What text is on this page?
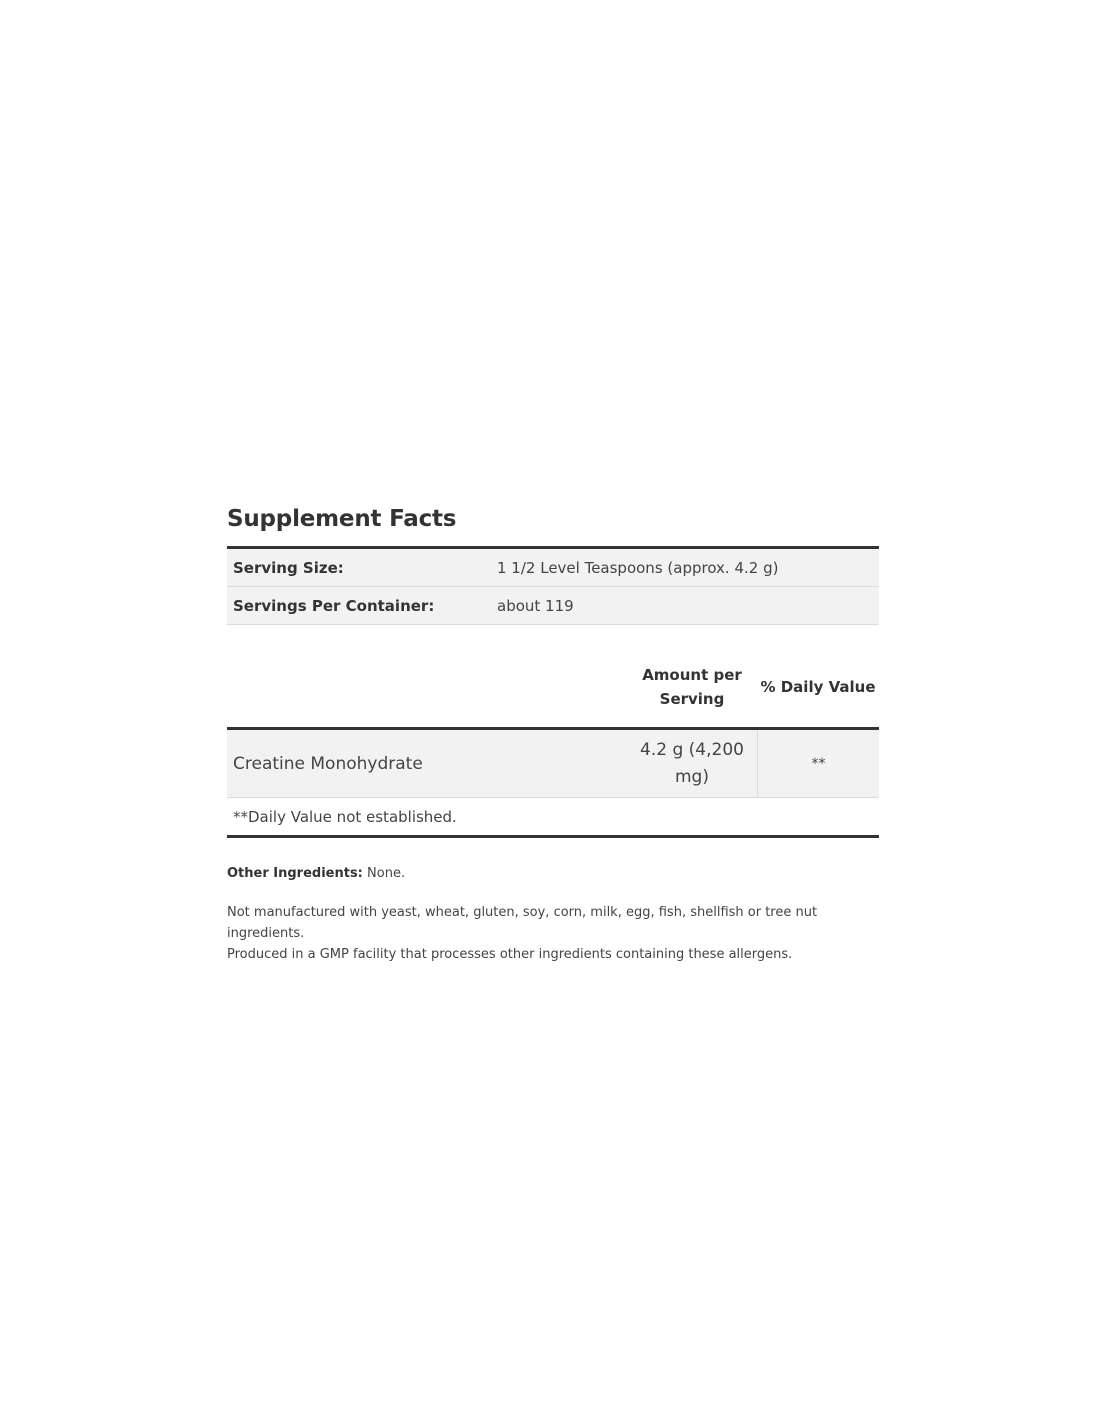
Supplement Facts
Serving Size:	1 1/2 Level Teaspoons (approx. 4.2 g)
Servings Per Container:	about 119
Amount per
Serving
% Daily Value
Creatine Monohydrate
4.2 g (4,200 mg)
**
**Daily Value not established.
Other Ingredients: None.
Not manufactured with yeast, wheat, gluten, soy, corn, milk, egg, fish, shellfish or tree nut ingredients.
Produced in a GMP facility that processes other ingredients containing these allergens.
